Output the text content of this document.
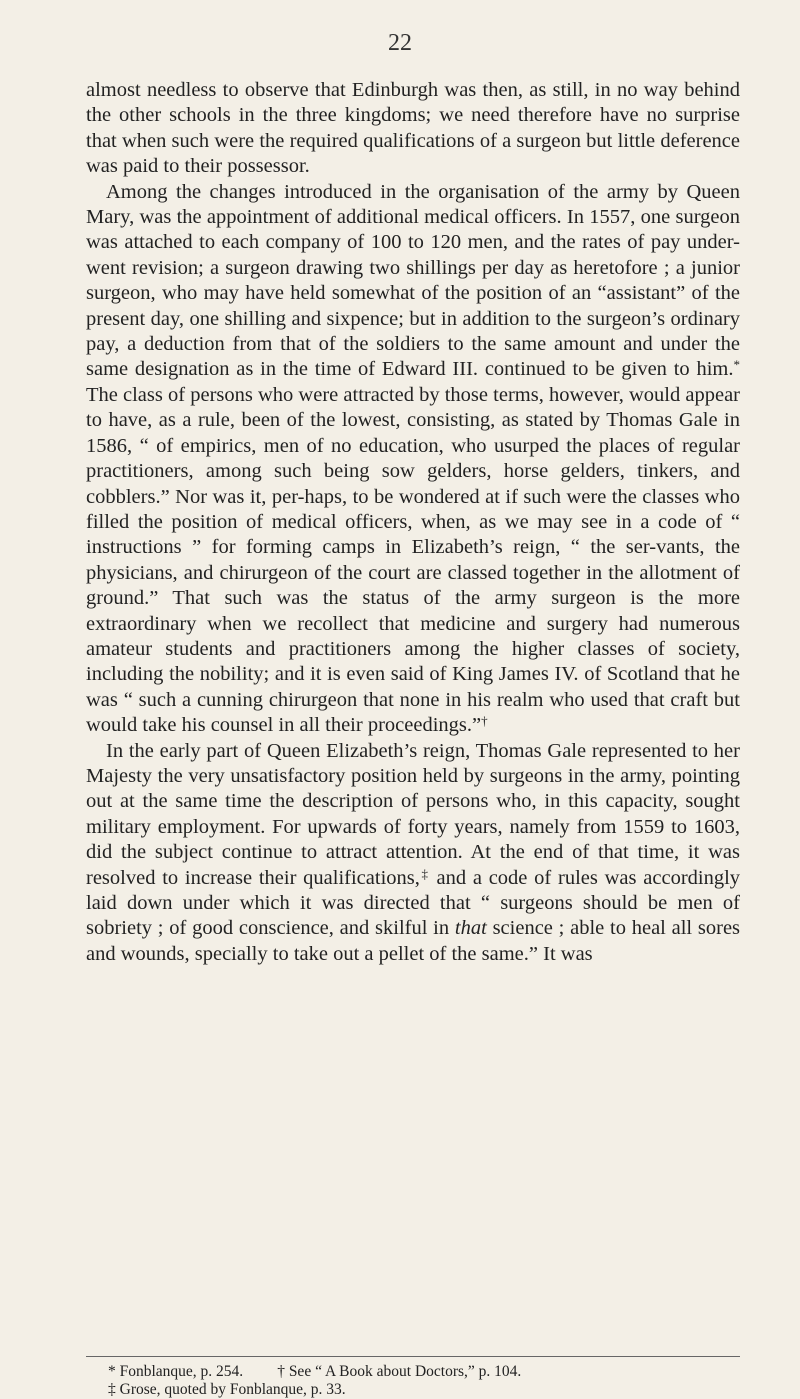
22

almost needless to observe that Edinburgh was then, as still, in no way behind the other schools in the three kingdoms; we need therefore have no surprise that when such were the required qualifications of a surgeon but little deference was paid to their possessor.

Among the changes introduced in the organisation of the army by Queen Mary, was the appointment of additional medical officers. In 1557, one surgeon was attached to each company of 100 to 120 men, and the rates of pay under-went revision; a surgeon drawing two shillings per day as heretofore ; a junior surgeon, who may have held somewhat of the position of an “assistant” of the present day, one shilling and sixpence; but in addition to the surgeon’s ordinary pay, a deduction from that of the soldiers to the same amount and under the same designation as in the time of Edward III. continued to be given to him.* The class of persons who were attracted by those terms, however, would appear to have, as a rule, been of the lowest, consisting, as stated by Thomas Gale in 1586, “ of empirics, men of no education, who usurped the places of regular practitioners, among such being sow gelders, horse gelders, tinkers, and cobblers.” Nor was it, per-haps, to be wondered at if such were the classes who filled the position of medical officers, when, as we may see in a code of “ instructions ” for forming camps in Elizabeth’s reign, “ the ser-vants, the physicians, and chirurgeon of the court are classed together in the allotment of ground.” That such was the status of the army surgeon is the more extraordinary when we recollect that medicine and surgery had numerous amateur students and practitioners among the higher classes of society, including the nobility; and it is even said of King James IV. of Scotland that he was “ such a cunning chirurgeon that none in his realm who used that craft but would take his counsel in all their proceedings.”†

In the early part of Queen Elizabeth’s reign, Thomas Gale represented to her Majesty the very unsatisfactory position held by surgeons in the army, pointing out at the same time the description of persons who, in this capacity, sought military employment. For upwards of forty years, namely from 1559 to 1603, did the subject continue to attract attention. At the end of that time, it was resolved to increase their qualifications,‡ and a code of rules was accordingly laid down under which it was directed that “ surgeons should be men of sobriety ; of good conscience, and skilful in that science ; able to heal all sores and wounds, specially to take out a pellet of the same.” It was

* Fonblanque, p. 254. † See “ A Book about Doctors,” p. 104.
‡ Grose, quoted by Fonblanque, p. 33.
